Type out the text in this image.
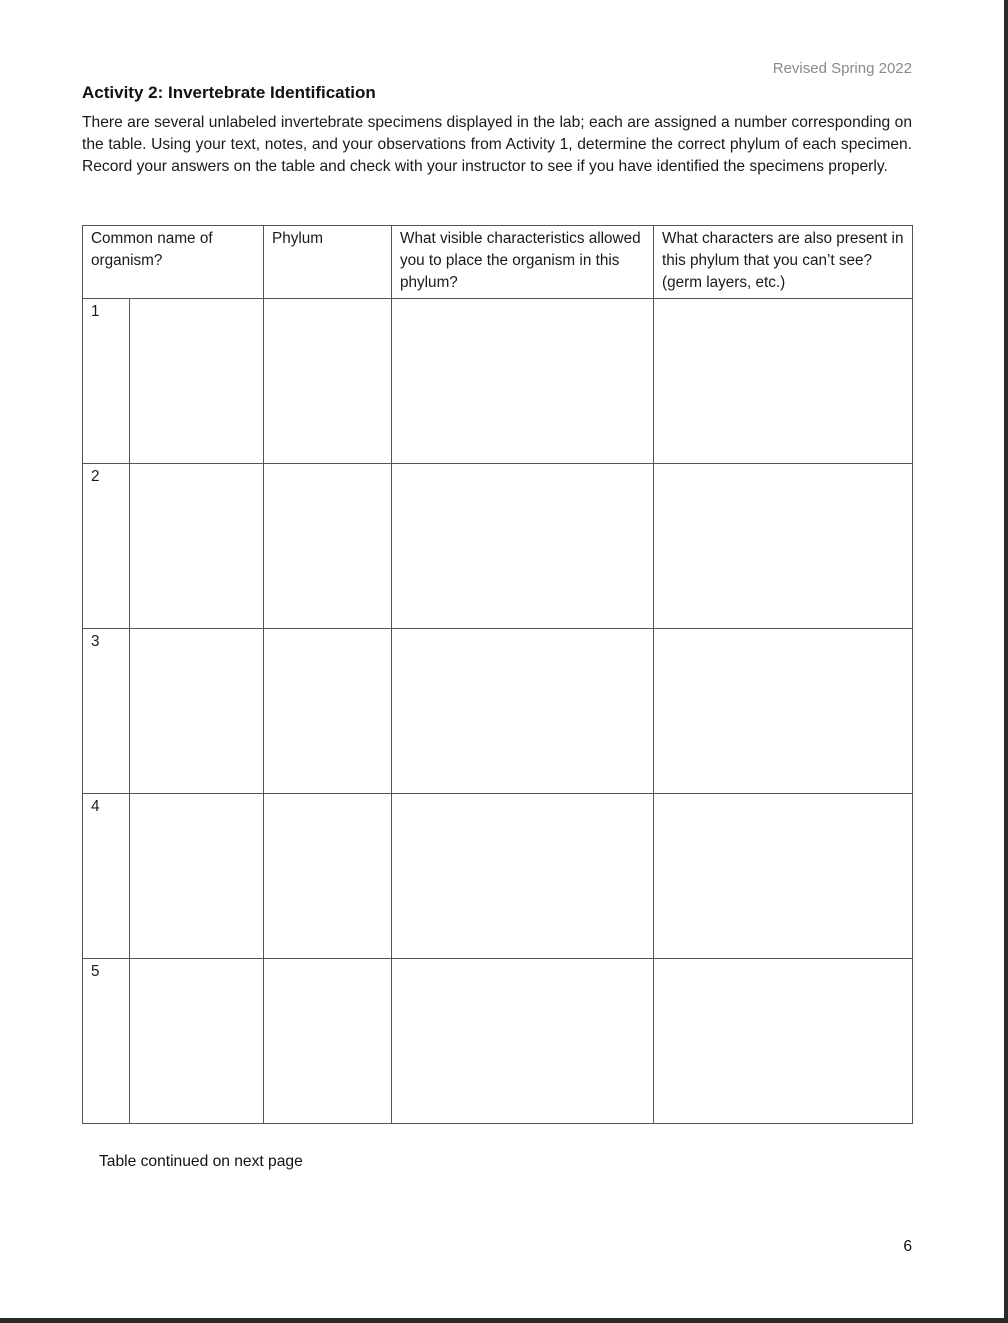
Revised Spring 2022
Activity 2: Invertebrate Identification
There are several unlabeled invertebrate specimens displayed in the lab; each are assigned a number corresponding on the table. Using your text, notes, and your observations from Activity 1, determine the correct phylum of each specimen. Record your answers on the table and check with your instructor to see if you have identified the specimens properly.
Common name of organism?		Phylum	What visible characteristics allowed you to place the organism in this phylum?	What characters are also present in this phylum that you can’t see? (germ layers, etc.)
1				
2				
3				
4				
5				
Table continued on next page
6
